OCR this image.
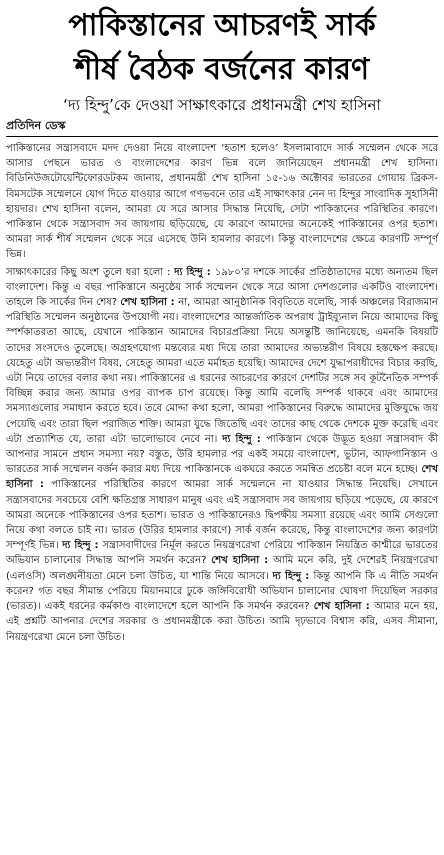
পাকিস্তানের আচরণই সার্ক
শীর্ষ বৈঠক বর্জনের কারণ
‘দ্য হিন্দু’কে দেওয়া সাক্ষাৎকারে প্রধানমন্ত্রী শেখ হাসিনা
প্রতিদিন ডেস্ক

পাকিস্তানের সন্ত্রাসবাদে মদদ দেওয়া নিয়ে বাংলাদেশ ‘হতাশ হলেও’ ইসলামাবাদে সার্ক সম্মেলন থেকে সরে আসার পেছনে ভারত ও বাংলাদেশের কারণ ভিন্ন বলে জানিয়েছেন প্রধানমন্ত্রী শেখ হাসিনা। বিডিনিউজটোয়েন্টিফোরডটকম জানায়, প্রধানমন্ত্রী শেখ হাসিনা ১৫-১৬ অক্টোবর ভারতের গোয়ায় ব্রিকস-বিমসটেক সম্মেলনে যোগ দিতে যাওয়ার আগে গণভবনে তার এই সাক্ষাৎকার নেন দ্য হিন্দুর সাংবাদিক সুহাসিনী হায়দার। শেখ হাসিনা বলেন, আমরা যে সরে আসার সিদ্ধান্ত নিয়েছি, সেটা পাকিস্তানের পরিস্থিতির কারণে। পাকিস্তান থেকে সন্ত্রাসবাদ সব জায়গায় ছড়িয়েছে, যে কারণে আমাদের অনেকেই পাকিস্তানের ওপর হতাশ। আমরা সার্ক শীর্ষ সম্মেলন থেকে সরে এসেছে উনি হামলার কারণে। কিন্তু বাংলাদেশের ক্ষেত্রে কারণটি সম্পূর্ণ ভিন্ন।

সাক্ষাৎকারের কিছু অংশ তুলে ধরা হলো : দ্য হিন্দু : ১৯৮০’র দশকে সার্কের প্রতিষ্ঠাতাদের মধ্যে অন্যতম ছিল বাংলাদেশ। কিন্তু এ বছর পাকিস্তানে অনুষ্ঠেয় সার্ক সম্মেলন থেকে সরে আসা দেশগুলোর একটিও বাংলাদেশ। তাহলে কি সার্কের দিন শেষ? শেখ হাসিনা : না, আমরা আনুষ্ঠানিক বিবৃতিতে বলেছি, সার্ক অঞ্চলের বিরাজমান পরিস্থিতি সম্মেলন অনুষ্ঠানের উপযোগী নয়। বাংলাদেশের আন্তর্জাতিক অপরাধ ট্রাইব্যুনাল নিয়ে আমাদের কিছু স্পর্শকাতরতা আছে, যেখানে পাকিস্তান আমাদের বিচারপ্রক্রিয়া নিয়ে অসন্তুষ্টি জানিয়েছে, এমনকি বিষয়টি তাদের সংসদেও তুলেছে। অগ্রহণযোগ্য মন্তব্যের মধ্য দিয়ে তারা আমাদের অভ্যন্তরীণ বিষয়ে হস্তক্ষেপ করছে। যেহেতু এটা অভ্যন্তরীণ বিষয়, সেহেতু আমরা এতে মর্মাহত হয়েছি। আমাদের দেশে যুদ্ধাপরাধীদের বিচার করছি, এটা নিয়ে তাদের বলার কথা নয়। পাকিস্তানের এ ধরনের আচরণের কারণে দেশটির সঙ্গে সব কূটনৈতিক সম্পর্ক বিচ্ছিন্ন করার জন্য আমার ওপর ব্যাপক চাপ রয়েছে। কিন্তু আমি বলেছি সম্পর্ক থাকবে এবং আমাদের সমস্যাগুলোর সমাধান করতে হবে। তবে মোদ্দা কথা হলো, আমরা পাকিস্তানের বিরুদ্ধে আমাদের মুক্তিযুদ্ধে জয় পেয়েছি এবং তারা ছিল পরাজিত শক্তি। আমরা যুদ্ধে জিতেছি এবং তাদের কাছ থেকে দেশকে মুক্ত করেছি এবং এটা প্রত্যাশিত যে, তারা এটা ভালোভাবে নেবে না। দ্য হিন্দু : পাকিস্তান থেকে উদ্ভূত হওয়া সন্ত্রাসবাদ কী আপনার সামনে প্রধান সমস্যা নয়? বস্তুত, উরি হামলার পর একই সময়ে বাংলাদেশ, ভুটান, আফগানিস্তান ও ভারতের সার্ক সম্মেলন বর্জন করার মধ্য দিয়ে পাকিস্তানকে একঘরে করতে সমন্বিত প্রচেষ্টা বলে মনে হচ্ছে। শেখ হাসিনা : পাকিস্তানের পরিস্থিতির কারণে আমরা সার্ক সম্মেলনে না যাওয়ার সিদ্ধান্ত নিয়েছি। সেখানে সন্ত্রাসবাদের সবচেয়ে বেশি ক্ষতিগ্রস্ত সাধারণ মানুষ এবং এই সন্ত্রাসবাদ সব জায়গায় ছড়িয়ে পড়েছে, যে কারণে আমরা অনেকে পাকিস্তানের ওপর হতাশ। ভারত ও পাকিস্তানেরও দ্বিপক্ষীয় সমস্যা রয়েছে এবং আমি সেগুলো নিয়ে কথা বলতে চাই না। ভারত (উরির হামলার কারণে) সার্ক বর্জন করেছে, কিন্তু বাংলাদেশের জন্য কারণটা সম্পূর্ণই ভিন্ন। দ্য হিন্দু : সন্ত্রাসবাদীদের নির্মূল করতে নিয়ন্ত্রণরেখা পেরিয়ে পাকিস্তান নিয়ন্ত্রিত কাশ্মীরে ভারতের অভিযান চালানোর সিদ্ধান্ত আপনি সমর্থন করেন? শেখ হাসিনা : আমি মনে করি, দুই দেশেরই নিয়ন্ত্রণরেখা (এলওসি) অলঙ্ঘনীয়তা মেনে চলা উচিত, যা শান্তি নিয়ে আসবে। দ্য হিন্দু : কিন্তু আপনি কি এ নীতি সমর্থন করেন? গত বছর সীমান্ত পেরিয়ে মিয়ানমারে ঢুকে জঙ্গিবিরোধী অভিযান চালানোর ঘোষণা দিয়েছিল সরকার (ভারত)। একই ধরনের কর্মকাণ্ড বাংলাদেশে হলে আপনি কি সমর্থন করবেন? শেখ হাসিনা : আমার মনে হয়, এই প্রশ্নটি আপনার দেশের সরকার ও প্রধানমন্ত্রীকে করা উচিত। আমি দৃঢ়ভাবে বিশ্বাস করি, এসব সীমানা, নিয়ন্ত্রণরেখা মেনে চলা উচিত।
